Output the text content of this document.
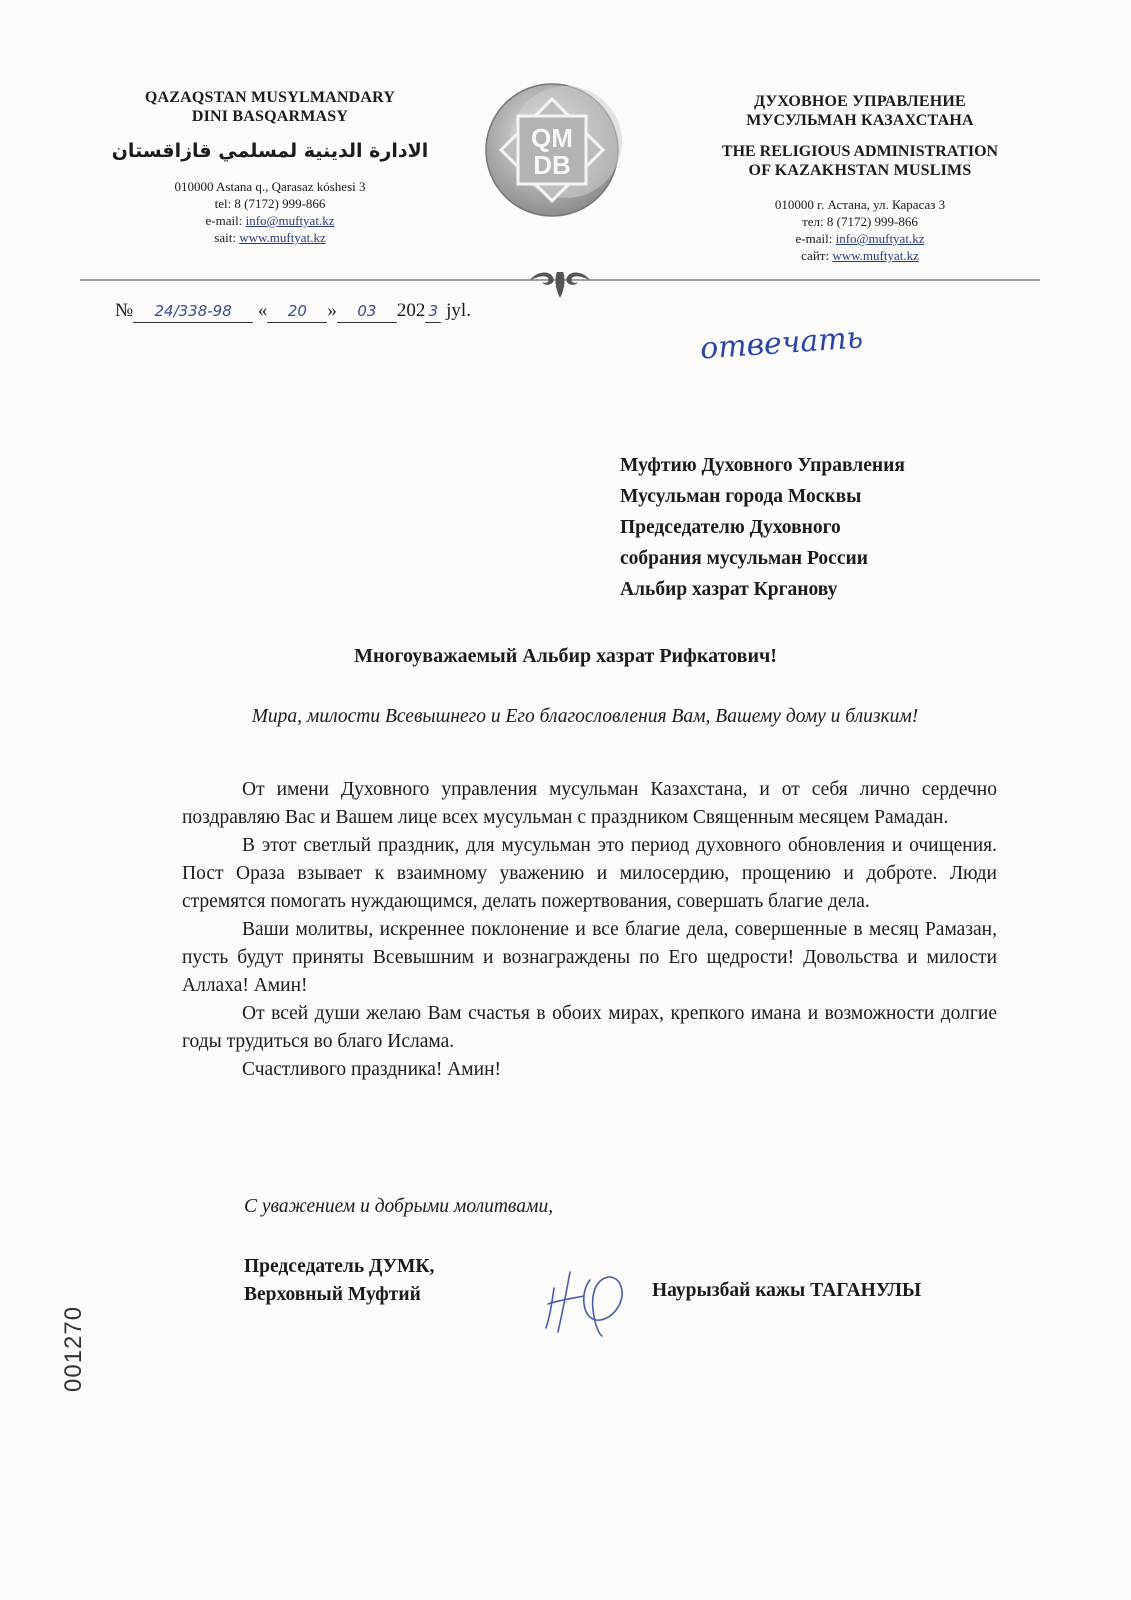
QAZAQSTAN MUSYLMANDARY
DINI BASQARMASY
الادارة الدينية لمسلمي قازاقستان
010000 Astana q., Qarasaz kóshesi 3
tel: 8 (7172) 999-866
e-mail: info@muftyat.kz
sait: www.muftyat.kz
QM
DB
ДУХОВНОЕ УПРАВЛЕНИЕ
МУСУЛЬМАН КАЗАХСТАНА
THE RELIGIOUS ADMINISTRATION
OF KAZAKHSTAN MUSLIMS
010000 г. Астана, ул. Карасаз 3
тел: 8 (7172) 999-866
e-mail: info@muftyat.kz
сайт: www.muftyat.kz
№ 24/338-98 « 20 » 03 202 3 jyl.
отвечать
Муфтию Духовного Управления
Мусульман города Москвы
Председателю Духовного
собрания мусульман России
Альбир хазрат Крганову
Многоуважаемый Альбир хазрат Рифкатович!
Мира, милости Всевышнего и Его благословления Вам, Вашему дому и близким!

От имени Духовного управления мусульман Казахстана, и от себя лично сердечно поздравляю Вас и Вашем лице всех мусульман с праздником Священным месяцем Рамадан.

В этот светлый праздник, для мусульман это период духовного обновления и очищения. Пост Ораза взывает к взаимному уважению и милосердию, прощению и доброте. Люди стремятся помогать нуждающимся, делать пожертвования, совершать благие дела.

Ваши молитвы, искреннее поклонение и все благие дела, совершенные в месяц Рамазан, пусть будут приняты Всевышним и вознаграждены по Его щедрости! Довольства и милости Аллаха! Амин!

От всей души желаю Вам счастья в обоих мирах, крепкого имана и возможности долгие годы трудиться во благо Ислама.

Счастливого праздника! Амин!

С уважением и добрыми молитвами,
Председатель ДУМК,
Верховный Муфтий	Наурызбай кажы ТАГАНУЛЫ
001270
